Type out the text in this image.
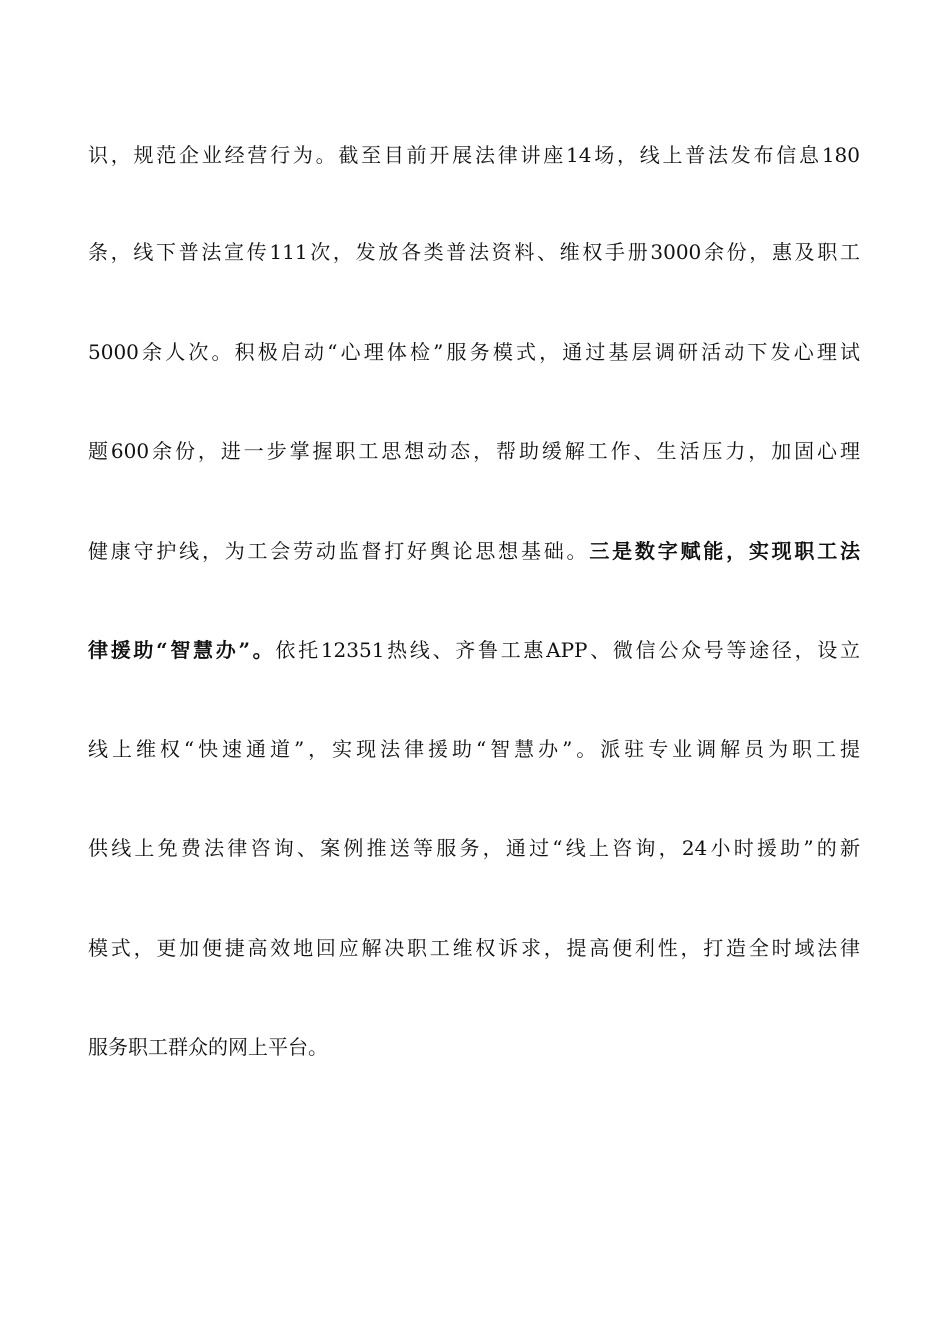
识，规范企业经营行为。截至目前开展法律讲座14场，线上普法发布信息180
条，线下普法宣传111次，发放各类普法资料、维权手册3000余份，惠及职工
5000余人次。积极启动“心理体检”服务模式，通过基层调研活动下发心理试
题600余份，进一步掌握职工思想动态，帮助缓解工作、生活压力，加固心理
健康守护线，为工会劳动监督打好舆论思想基础。三是数字赋能，实现职工法
律援助“智慧办”。依托12351热线、齐鲁工惠APP、微信公众号等途径，设立
线上维权“快速通道”，实现法律援助“智慧办”。派驻专业调解员为职工提
供线上免费法律咨询、案例推送等服务，通过“线上咨询，24小时援助”的新
模式，更加便捷高效地回应解决职工维权诉求，提高便利性，打造全时域法律
服务职工群众的网上平台。
